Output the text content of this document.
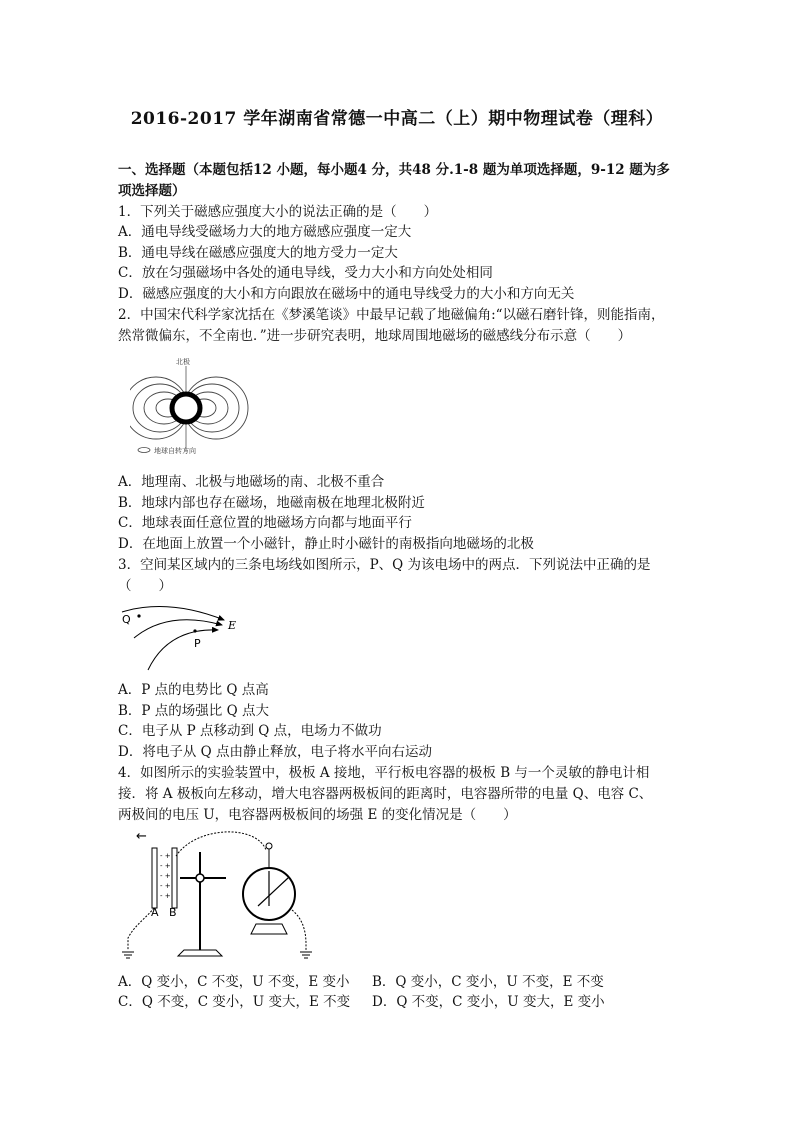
2016-2017 学年湖南省常德一中高二（上）期中物理试卷（理科）
一、选择题（本题包括12 小题，每小题4 分，共48 分.1-8 题为单项选择题，9-12 题为多项选择题）
1．下列关于磁感应强度大小的说法正确的是（　　）
A．通电导线受磁场力大的地方磁感应强度一定大
B．通电导线在磁感应强度大的地方受力一定大
C．放在匀强磁场中各处的通电导线，受力大小和方向处处相同
D．磁感应强度的大小和方向跟放在磁场中的通电导线受力的大小和方向无关
2．中国宋代科学家沈括在《梦溪笔谈》中最早记载了地磁偏角:“以磁石磨针锋，则能指南，
然常微偏东，不全南也．”进一步研究表明，地球周围地磁场的磁感线分布示意（　　）
北极
地球自转方向
A．地理南、北极与地磁场的南、北极不重合
B．地球内部也存在磁场，地磁南极在地理北极附近
C．地球表面任意位置的地磁场方向都与地面平行
D．在地面上放置一个小磁针，静止时小磁针的南极指向地磁场的北极
3．空间某区域内的三条电场线如图所示，P、Q 为该电场中的两点．下列说法中正确的是
（　　）
Q	E
P
A．P 点的电势比 Q 点高
B．P 点的场强比 Q 点大
C．电子从 P 点移动到 Q 点，电场力不做功
D．将电子从 Q 点由静止释放，电子将水平向右运动
4．如图所示的实验装置中，极板 A 接地，平行板电容器的极板 B 与一个灵敏的静电计相
接．将 A 极板向左移动，增大电容器两极板间的距离时，电容器所带的电量 Q、电容 C、
两极间的电压 U，电容器两极板间的场强 E 的变化情况是（　　）
←
- +
- +
- +
- +
- +
A B
A．Q 变小，C 不变，U 不变，E 变小 B．Q 变小，C 变小，U 不变，E 不变
C．Q 不变，C 变小，U 变大，E 不变 D．Q 不变，C 变小，U 变大，E 变小
